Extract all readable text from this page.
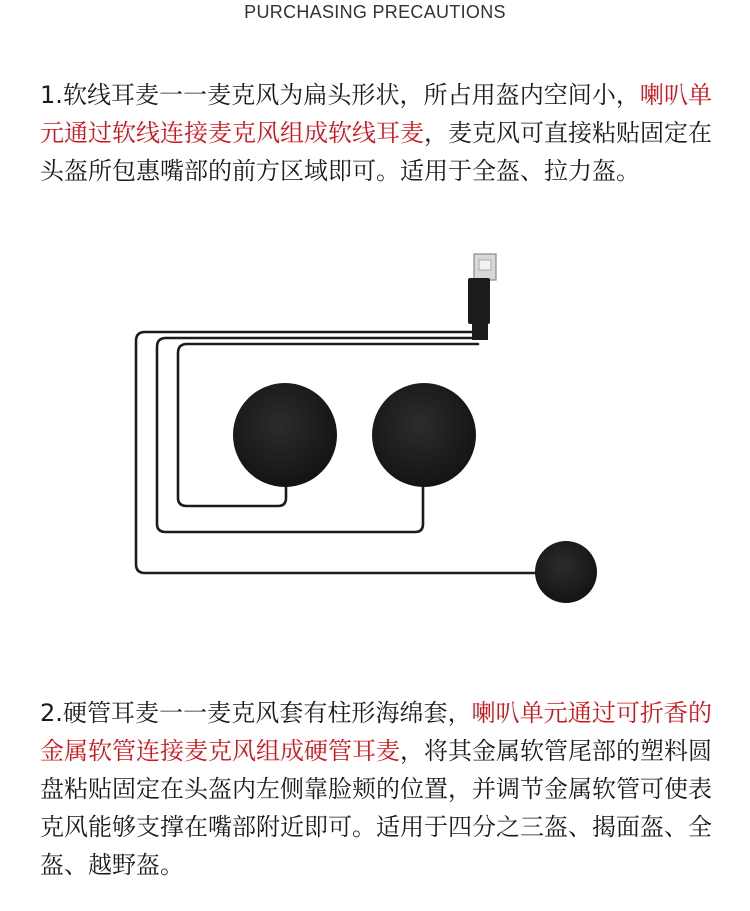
PURCHASING PRECAUTIONS

1.软线耳麦一一麦克风为扁头形状，所占用盔内空间小，喇叭单元通过软线连接麦克风组成软线耳麦，麦克风可直接粘贴固定在头盔所包惠嘴部的前方区域即可。适用于全盔、拉力盔。

2.硬管耳麦一一麦克风套有柱形海绵套，喇叭单元通过可折香的金属软管连接麦克风组成硬管耳麦，将其金属软管尾部的塑料圆盘粘贴固定在头盔内左侧靠脸颊的位置，并调节金属软管可使表克风能够支撑在嘴部附近即可。适用于四分之三盔、揭面盔、全盔、越野盔。
